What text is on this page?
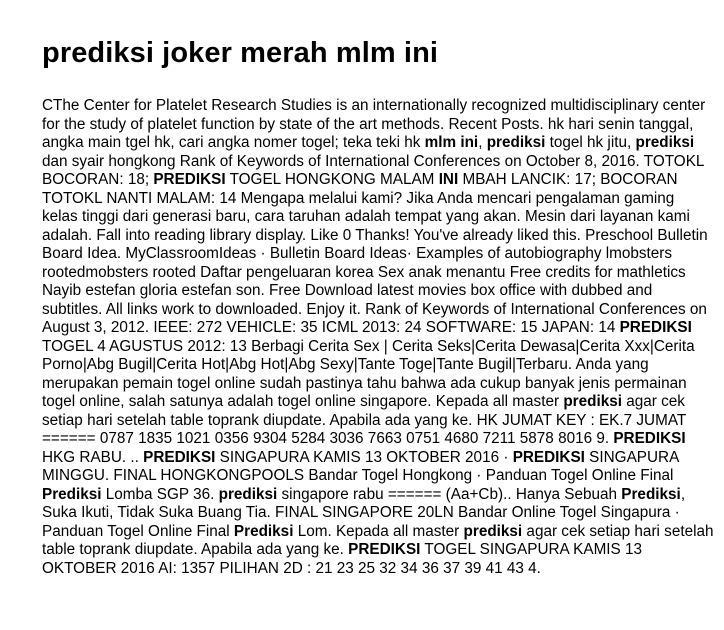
prediksi joker merah mlm ini

CThe Center for Platelet Research Studies is an internationally recognized multidisciplinary center for the study of platelet function by state of the art methods. Recent Posts. hk hari senin tanggal, angka main tgel hk, cari angka nomer togel; teka teki hk mlm ini, prediksi togel hk jitu, prediksi dan syair hongkong Rank of Keywords of International Conferences on October 8, 2016. TOTOKL BOCORAN: 18; PREDIKSI TOGEL HONGKONG MALAM INI MBAH LANCIK: 17; BOCORAN TOTOKL NANTI MALAM: 14 Mengapa melalui kami? Jika Anda mencari pengalaman gaming kelas tinggi dari generasi baru, cara taruhan adalah tempat yang akan. Mesin dari layanan kami adalah. Fall into reading library display. Like 0 Thanks! You've already liked this. Preschool Bulletin Board Idea. MyClassroomIdeas · Bulletin Board Ideas· Examples of autobiography lmobsters rootedmobsters rooted Daftar pengeluaran korea Sex anak menantu Free credits for mathletics Nayib estefan gloria estefan son. Free Download latest movies box office with dubbed and subtitles. All links work to downloaded. Enjoy it. Rank of Keywords of International Conferences on August 3, 2012. IEEE: 272 VEHICLE: 35 ICML 2013: 24 SOFTWARE: 15 JAPAN: 14 PREDIKSI TOGEL 4 AGUSTUS 2012: 13 Berbagi Cerita Sex | Cerita Seks|Cerita Dewasa|Cerita Xxx|Cerita Porno|Abg Bugil|Cerita Hot|Abg Hot|Abg Sexy|Tante Toge|Tante Bugil|Terbaru. Anda yang merupakan pemain togel online sudah pastinya tahu bahwa ada cukup banyak jenis permainan togel online, salah satunya adalah togel online singapore. Kepada all master prediksi agar cek setiap hari setelah table toprank diupdate. Apabila ada yang ke. HK JUMAT KEY : EK.7 JUMAT ====== 0787 1835 1021 0356 9304 5284 3036 7663 0751 4680 7211 5878 8016 9. PREDIKSI HKG RABU. .. PREDIKSI SINGAPURA KAMIS 13 OKTOBER 2016 · PREDIKSI SINGAPURA MINGGU. FINAL HONGKONGPOOLS Bandar Togel Hongkong · Panduan Togel Online Final Prediksi Lomba SGP 36. prediksi singapore rabu ====== (Aa+Cb).. Hanya Sebuah Prediksi, Suka Ikuti, Tidak Suka Buang Tia. FINAL SINGAPORE 20LN Bandar Online Togel Singapura · Panduan Togel Online Final Prediksi Lom. Kepada all master prediksi agar cek setiap hari setelah table toprank diupdate. Apabila ada yang ke. PREDIKSI TOGEL SINGAPURA KAMIS 13 OKTOBER 2016 AI: 1357 PILIHAN 2D : 21 23 25 32 34 36 37 39 41 43 4.
